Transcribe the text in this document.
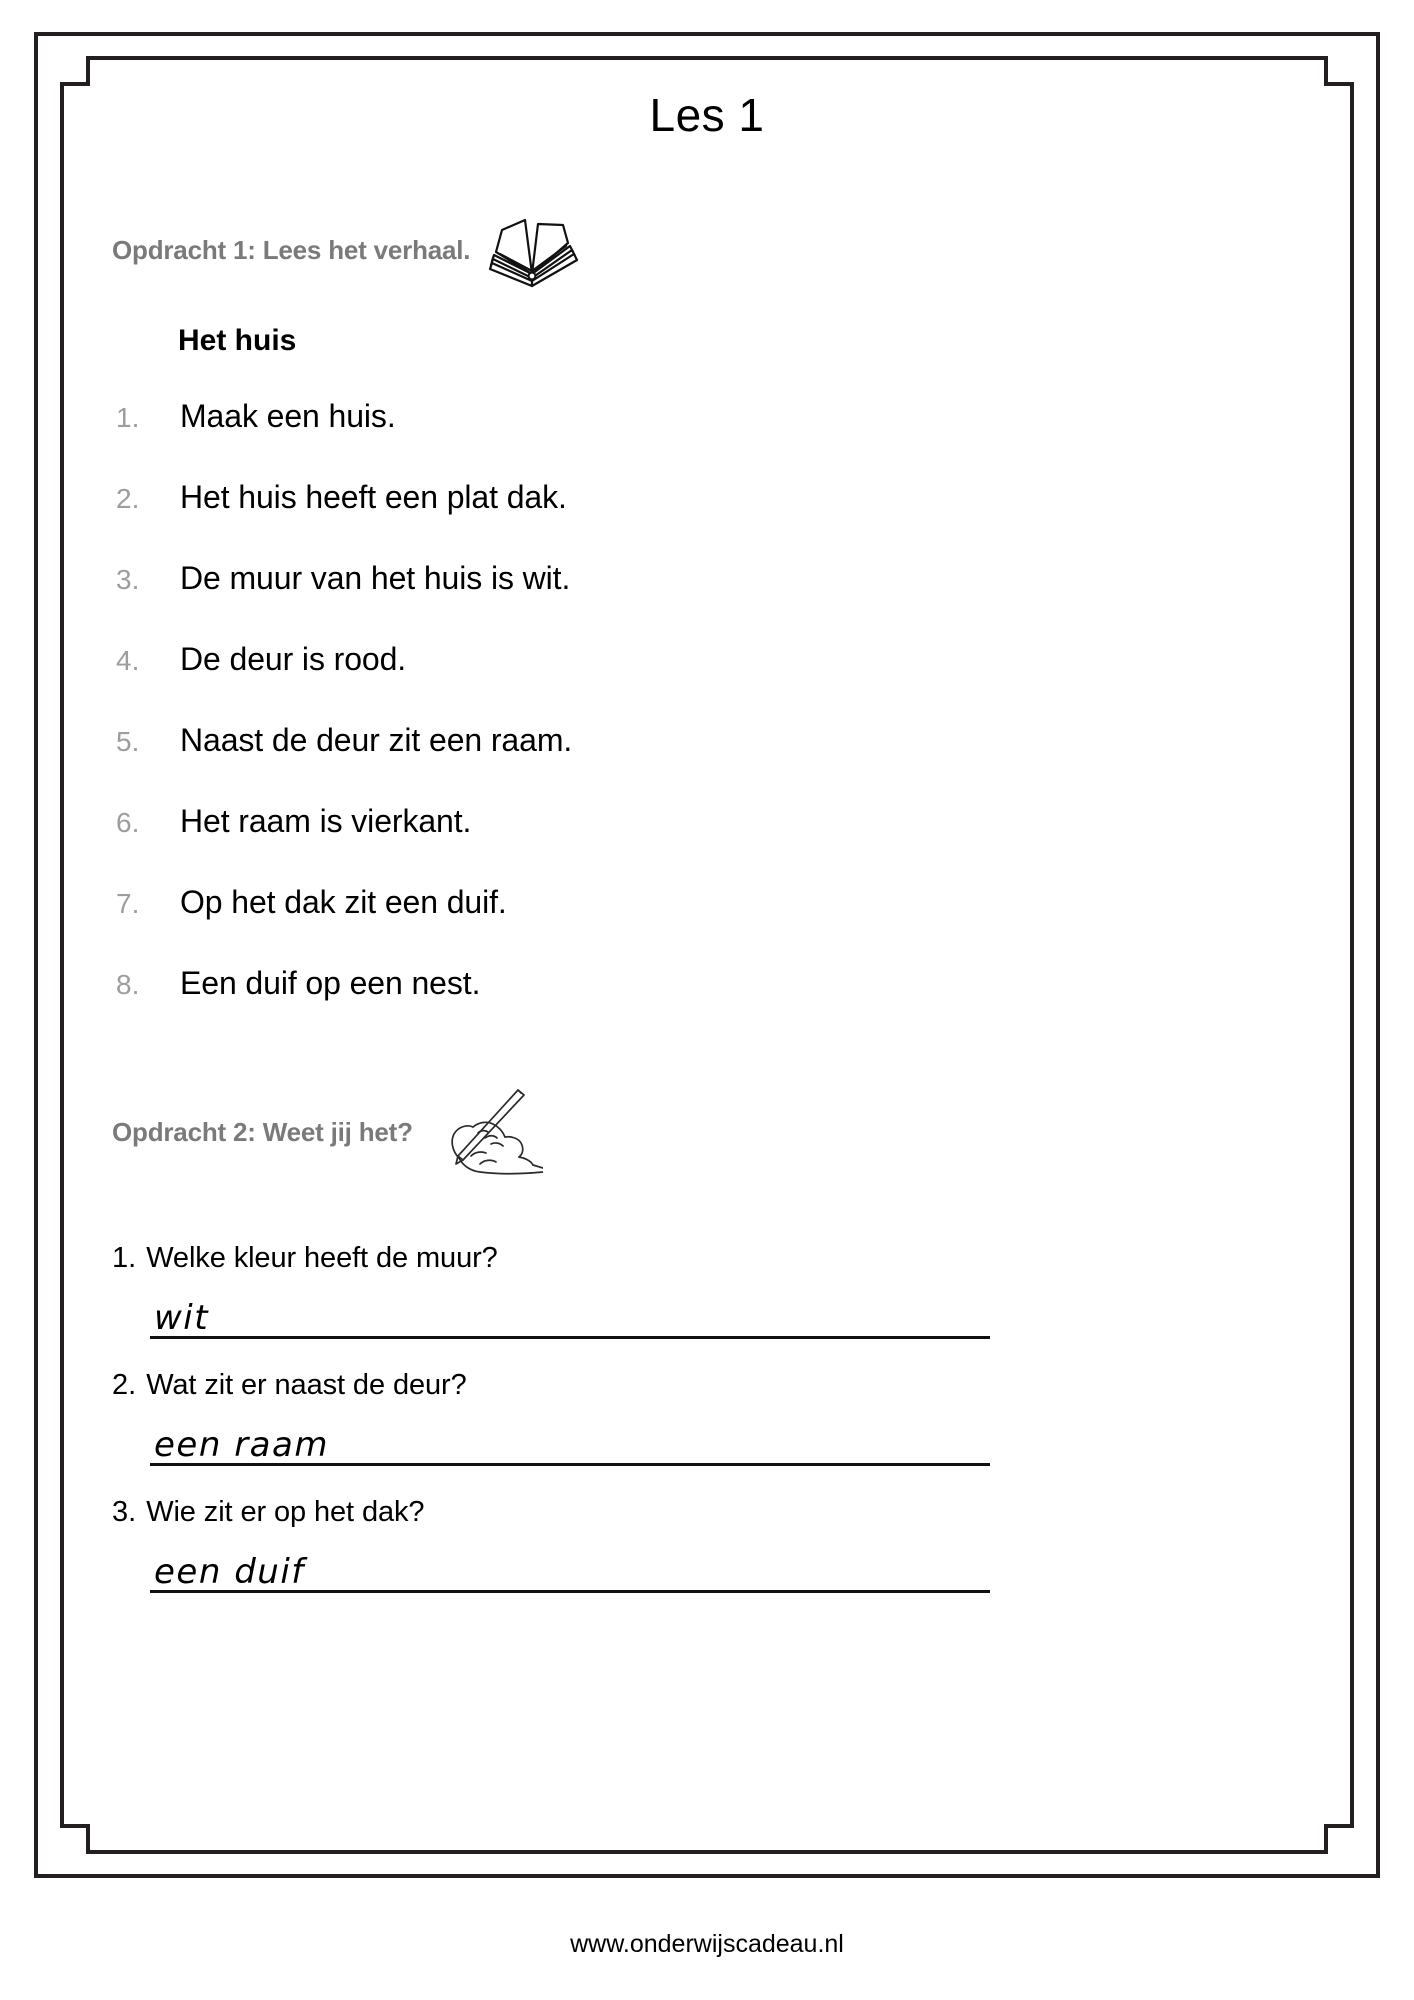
Les 1
Opdracht 1: Lees het verhaal.
Het huis
1.	Maak een huis.
2.	Het huis heeft een plat dak.
3.	De muur van het huis is wit.
4.	De deur is rood.
5.	Naast de deur zit een raam.
6.	Het raam is vierkant.
7.	Op het dak zit een duif.
8.	Een duif op een nest.
Opdracht 2: Weet jij het?
1. Welke kleur heeft de muur?
wit
2. Wat zit er naast de deur?
een raam
3. Wie zit er op het dak?
een duif
www.onderwijscadeau.nl
